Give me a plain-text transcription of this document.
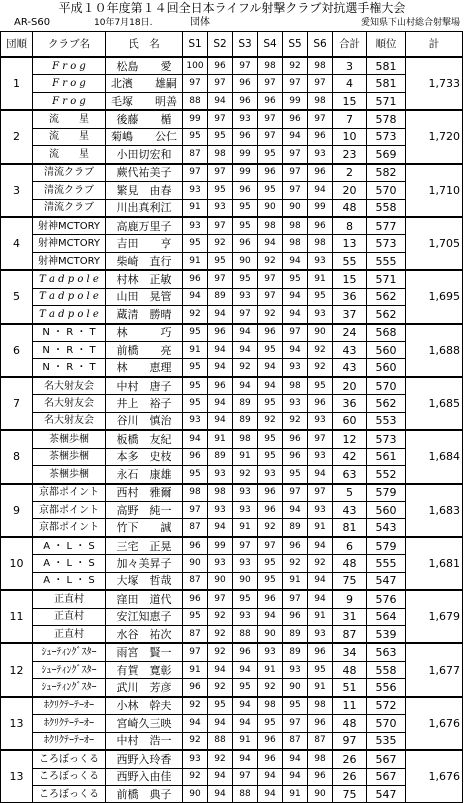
平成１０年度第１４回全日本ライフル射撃クラブ対抗選手権大会
AR-S60	10年7月18日.	団体	愛知県下山村総合射撃場
団順	クラブ名	氏　名	S1	S2	S3	S4	S5	S6	合計	順位	計
1	F r o g	松島　　愛	100	96	97	98	92	98	3	581	1,733
	F r o g	北濱　　雄嗣	97	97	96	97	97	97	4	581	
	F r o g	毛塚　　明善	88	94	96	96	99	98	15	571	
2	流　　星	後藤　　楯	99	97	93	97	96	97	7	578	1,720
	流　　星	菊嶋　　公仁	95	95	96	97	94	96	10	573	
	流　　星	小田切宏和	87	98	99	95	97	93	23	569	
3	清流クラブ	蕨代祐美子	97	97	99	96	97	96	2	582	1,710
	清流クラブ	繁見　由春	93	95	96	95	97	94	20	570	
	清流クラブ	川出真利江	91	93	95	90	90	99	48	558	
4	射神MCTORY	高鹿万里子	93	97	95	98	98	96	8	577	1,705
	射神MCTORY	吉田　　亨	95	92	96	94	98	98	13	573	
	射神MCTORY	柴崎　直行	91	95	90	92	94	93	55	555	
5	T a d p o l e	村林　正敏	96	97	95	97	95	91	15	571	1,695
	T a d p o l e	山田　晃管	94	89	93	97	94	95	36	562	
	T a d p o l e	蔵清　勝晴	92	94	97	92	94	93	37	562	
6	N ・ R ・ T	林　　　巧	95	96	94	96	97	90	24	568	1,688
	N ・ R ・ T	前橋　　亮	91	94	94	95	94	92	43	560	
	N ・ R ・ T	林　　恵理	95	94	92	94	93	92	43	560	
7	名大射友会	中村　唐子	95	96	94	94	98	95	20	570	1,685
	名大射友会	井上　裕子	95	94	89	95	93	96	36	562	
	名大射友会	谷川　慎治	93	94	89	92	92	93	60	553	
8	茶梱歩梱	板橋　友紀	94	91	98	95	96	97	12	573	1,684
	茶梱歩梱	本多　史枝	96	89	91	95	96	93	42	561	
	茶梱歩梱	永石　康雄	95	93	92	93	95	94	63	552	
9	京都ポイント	西村　雅爾	98	98	93	96	97	97	5	579	1,683
	京都ポイント	高野　純一	97	93	93	96	94	93	43	560	
	京都ポイント	竹下　　誠	87	94	91	92	89	91	81	543	
10	A ・ L ・ S	三宅　正晃	96	99	97	97	96	94	6	579	1,681
	A ・ L ・ S	加々美昇子	90	93	93	95	92	92	48	555	
	A ・ L ・ S	大塚　哲哉	87	90	90	95	91	94	75	547	
11	正直村	窪田　道代	96	97	95	96	97	94	9	576	1,679
	正直村	安江知恵子	95	92	93	94	96	91	31	564	
	正直村	水谷　祐次	87	92	88	90	89	93	87	539	
12	ｼｭｰﾃｨﾝｸﾞｽﾀｰ	雨宮　賢一	97	92	96	93	89	96	34	563	1,677
	ｼｭｰﾃｨﾝｸﾞｽﾀｰ	有賀　寛彰	91	94	94	91	93	95	48	558	
	ｼｭｰﾃｨﾝｸﾞｽﾀｰ	武川　芳彦	96	92	95	92	90	91	51	556	
13	ﾎｸﾘｸﾃｰﾃｰｵｰ	小林　幹夫	92	95	94	98	95	98	11	572	1,676
	ﾎｸﾘｸﾃｰﾃｰｵｰ	宮崎久三映	94	94	94	95	97	96	48	570	
	ﾎｸﾘｸﾃｰﾃｰｵｰ	中村　浩一	92	88	91	96	87	87	97	535	
13	ころぼっくる	西野入玲香	93	92	94	96	94	98	26	567	1,676
	ころぼっくる	西野入由佳	92	94	97	94	94	96	26	567	
	ころぼっくる	前橋　典子	90	94	88	94	91	90	75	547	
